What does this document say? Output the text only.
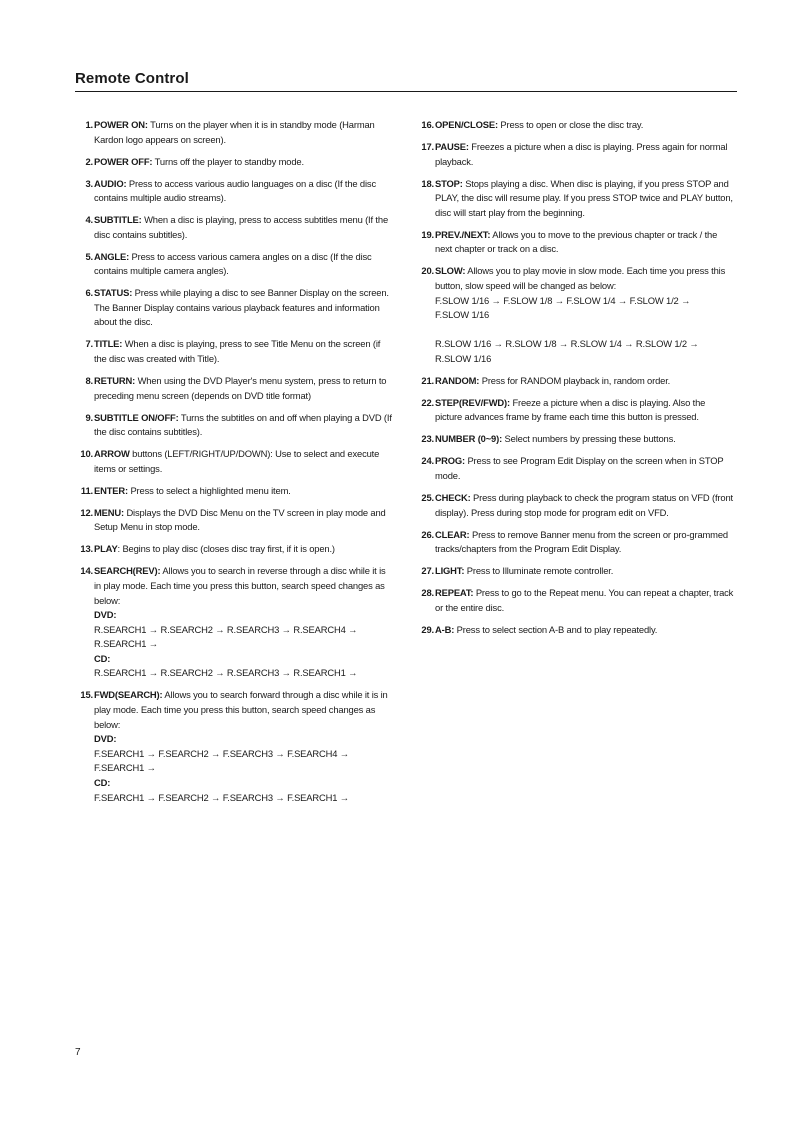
Remote Control
1. POWER ON: Turns on the player when it is in standby mode (Harman Kardon logo appears on screen).
2. POWER OFF: Turns off the player to standby mode.
3. AUDIO: Press to access various audio languages on a disc (If the disc contains multiple audio streams).
4. SUBTITLE: When a disc is playing, press to access subtitles menu (If the disc contains subtitles).
5. ANGLE: Press to access various camera angles on a disc (If the disc contains multiple camera angles).
6. STATUS: Press while playing a disc to see Banner Display on the screen. The Banner Display contains various playback features and information about the disc.
7. TITLE: When a disc is playing, press to see Title Menu on the screen (if the disc was created with Title).
8. RETURN: When using the DVD Player's menu system, press to return to preceding menu screen (depends on DVD title format)
9. SUBTITLE ON/OFF: Turns the subtitles on and off when playing a DVD (If the disc contains subtitles).
10. ARROW buttons (LEFT/RIGHT/UP/DOWN): Use to select and execute items or settings.
11. ENTER: Press to select a highlighted menu item.
12. MENU: Displays the DVD Disc Menu on the TV screen in play mode and Setup Menu in stop mode.
13. PLAY: Begins to play disc (closes disc tray first, if it is open.)
14. SEARCH(REV): Allows you to search in reverse through a disc while it is in play mode. Each time you press this button, search speed changes as below:
DVD:
R.SEARCH1 → R.SEARCH2 → R.SEARCH3 → R.SEARCH4 →
R.SEARCH1 →
CD:
R.SEARCH1 → R.SEARCH2 → R.SEARCH3 → R.SEARCH1 →
15. FWD(SEARCH): Allows you to search forward through a disc while it is in play mode. Each time you press this button, search speed changes as below:
DVD:
F.SEARCH1 → F.SEARCH2 → F.SEARCH3 → F.SEARCH4 →
F.SEARCH1 →
CD:
F.SEARCH1 → F.SEARCH2 → F.SEARCH3 → F.SEARCH1 →
16. OPEN/CLOSE: Press to open or close the disc tray.
17. PAUSE: Freezes a picture when a disc is playing. Press again for normal playback.
18. STOP: Stops playing a disc. When disc is playing, if you press STOP and PLAY, the disc will resume play. If you press STOP twice and PLAY button, disc will start play from the beginning.
19. PREV./NEXT: Allows you to move to the previous chapter or track / the next chapter or track on a disc.
20. SLOW: Allows you to play movie in slow mode. Each time you press this button, slow speed will be changed as below:
F.SLOW 1/16 → F.SLOW 1/8 → F.SLOW 1/4 → F.SLOW 1/2 →
F.SLOW 1/16
R.SLOW 1/16 → R.SLOW 1/8 → R.SLOW 1/4 → R.SLOW 1/2 →
R.SLOW 1/16
21. RANDOM: Press for RANDOM playback in, random order.
22. STEP(REV/FWD): Freeze a picture when a disc is playing. Also the picture advances frame by frame each time this button is pressed.
23. NUMBER (0~9): Select numbers by pressing these buttons.
24. PROG: Press to see Program Edit Display on the screen when in STOP mode.
25. CHECK: Press during playback to check the program status on VFD (front display). Press during stop mode for program edit on VFD.
26. CLEAR: Press to remove Banner menu from the screen or pro-grammed tracks/chapters from the Program Edit Display.
27. LIGHT: Press to Illuminate remote controller.
28. REPEAT: Press to go to the Repeat menu. You can repeat a chapter, track or the entire disc.
29. A-B: Press to select section A-B and to play repeatedly.
7
